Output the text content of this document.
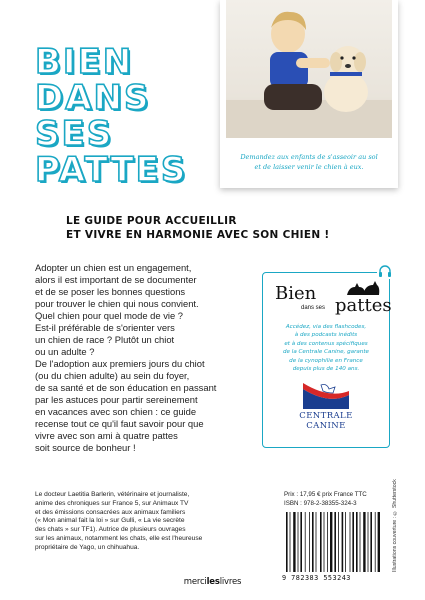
BIEN
DANS
SES
PATTES	Demandez aux enfants de s'asseoir au sol
et de laisser venir le chien à eux.
LE GUIDE POUR ACCUEILLIR
ET VIVRE EN HARMONIE AVEC SON CHIEN !

Adopter un chien est un engagement,

alors il est important de se documenter

et de se poser les bonnes questions

pour trouver le chien qui nous convient.

Quel chien pour quel mode de vie ?

Est-il préférable de s'orienter vers

un chien de race ? Plutôt un chiot

ou un adulte ?

De l'adoption aux premiers jours du chiot

(ou du chien adulte) au sein du foyer,

de sa santé et de son éducation en passant

par les astuces pour partir sereinement

en vacances avec son chien : ce guide

recense tout ce qu'il faut savoir pour que

vivre avec son ami à quatre pattes

soit source de bonheur !

Bien
dans ses pattes
Accédez, via des flashcodes,
à des podcasts inédits
et à des contenus spécifiques
de la Centrale Canine, garante
de la cynophilie en France
depuis plus de 140 ans.
CENTRALE
CANINE
Le docteur Laetitia Barlerin, vétérinaire et journaliste,
anime des chroniques sur France 5, sur Animaux TV
et des émissions consacrées aux animaux familiers
(« Mon animal fait la loi » sur Gulli, « La vie secrète
des chats » sur TF1). Autrice de plusieurs ouvrages
sur les animaux, notamment les chats, elle est l'heureuse
propriétaire de Yago, un chihuahua.
Prix : 17,95 € prix France TTC
ISBN : 978-2-38355-324-3
9 782383 553243
Illustrations couverture : © Shutterstock
mercileslivres
